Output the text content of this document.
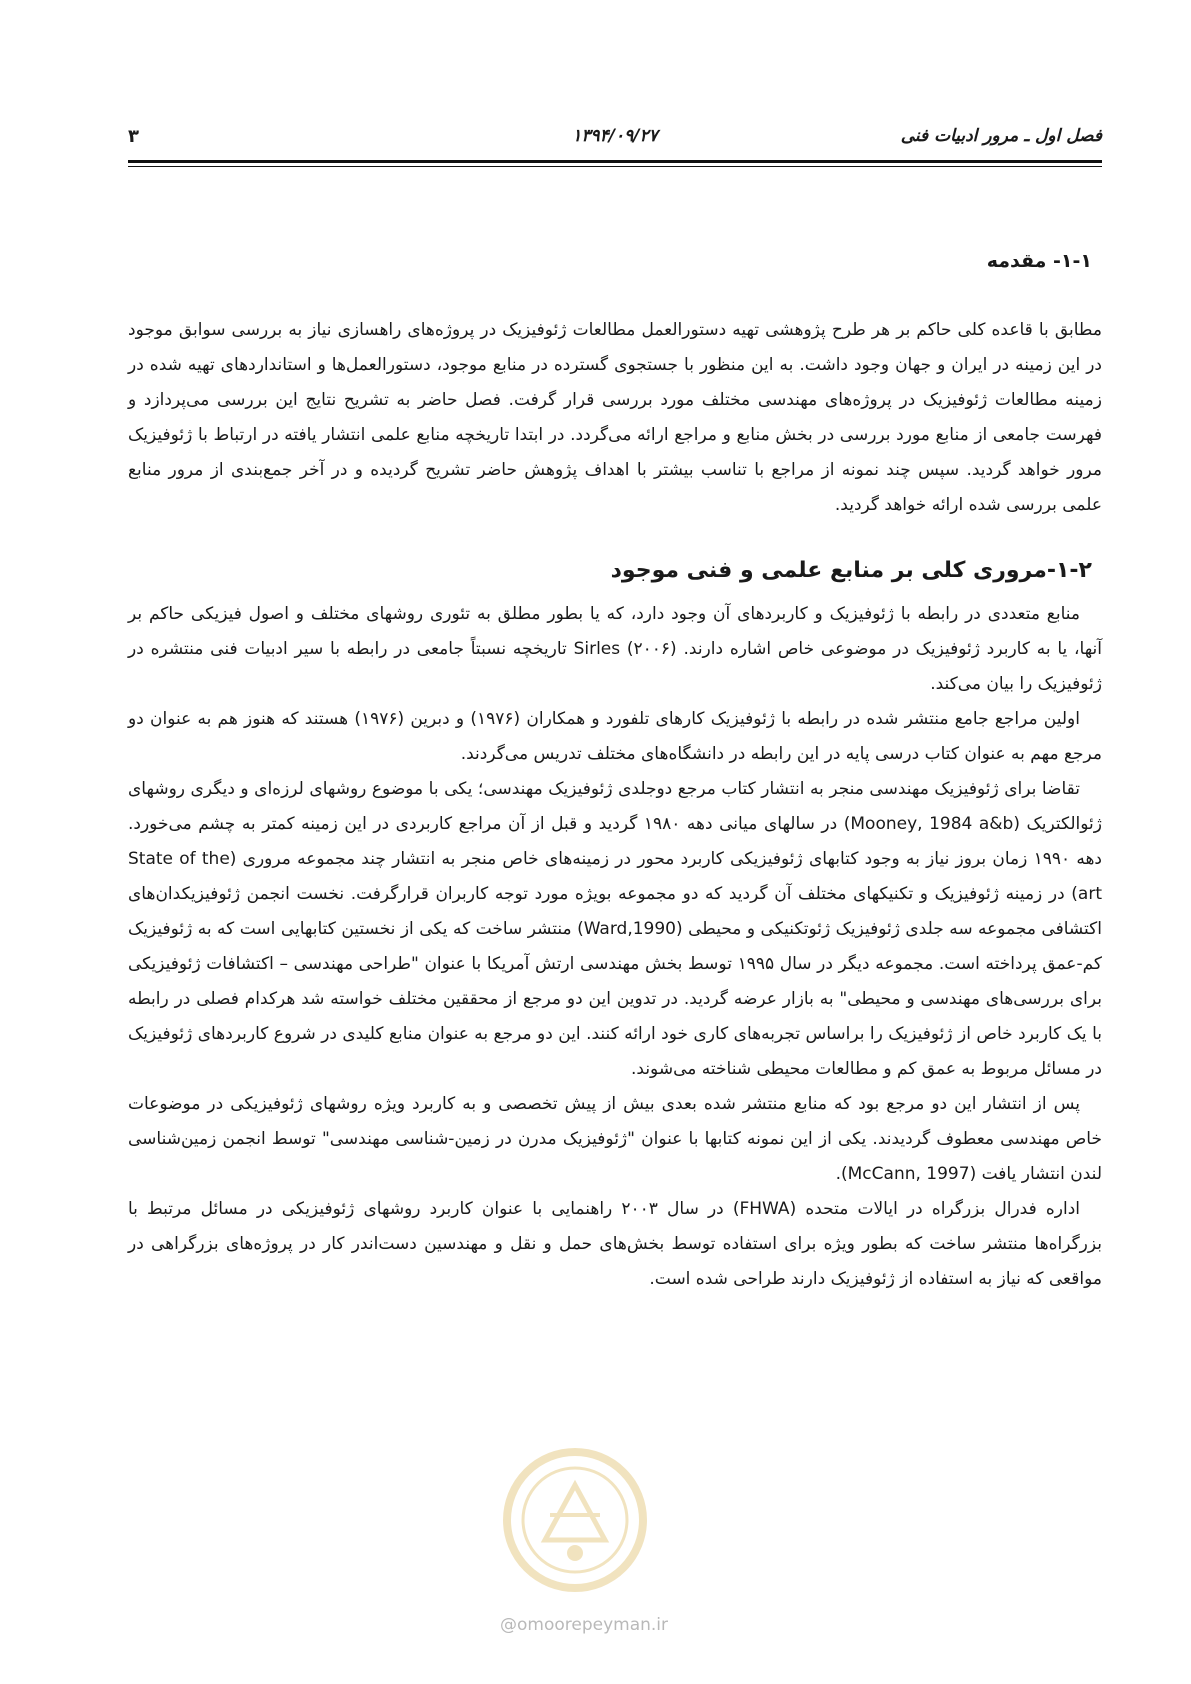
فصل اول ـ مرور ادبیات فنی
۱۳۹۴/۰۹/۲۷
۳
۱-۱- مقدمه

مطابق با قاعده کلی حاکم بر هر طرح پژوهشی تهیه دستورالعمل مطالعات ژئوفیزیک در پروژه‌های راهسازی نیاز به بررسی سوابق موجود در این زمینه در ایران و جهان وجود داشت. به این منظور با جستجوی گسترده در منابع موجود، دستورالعمل‌ها و استانداردهای تهیه شده در زمینه مطالعات ژئوفیزیک در پروژه‌های مهندسی مختلف مورد بررسی قرار گرفت. فصل حاضر به تشریح نتایج این بررسی می‌پردازد و فهرست جامعی از منابع مورد بررسی در بخش منابع و مراجع ارائه می‌گردد. در ابتدا تاریخچه منابع علمی انتشار یافته در ارتباط با ژئوفیزیک مرور خواهد گردید. سپس چند نمونه از مراجع با تناسب بیشتر با اهداف پژوهش حاضر تشریح گردیده و در آخر جمع‌بندی از مرور منابع علمی بررسی شده ارائه خواهد گردید.

۱-۲-مروری کلی بر منابع علمی و فنی موجود

منابع متعددی در رابطه با ژئوفیزیک و کاربردهای آن وجود دارد، که یا بطور مطلق به تئوری روشهای مختلف و اصول فیزیکی حاکم بر آنها، یا به کاربرد ژئوفیزیک در موضوعی خاص اشاره دارند. Sirles (۲۰۰۶) تاریخچه نسبتاً جامعی در رابطه با سیر ادبیات فنی منتشره در ژئوفیزیک را بیان می‌کند.

اولین مراجع جامع منتشر شده در رابطه با ژئوفیزیک کارهای تلفورد و همکاران (۱۹۷۶) و دبرین (۱۹۷۶) هستند که هنوز هم به عنوان دو مرجع مهم به عنوان کتاب درسی پایه در این رابطه در دانشگاه‌های مختلف تدریس می‌گردند.

تقاضا برای ژئوفیزیک مهندسی منجر به انتشار کتاب مرجع دوجلدی ژئوفیزیک مهندسی؛ یکی با موضوع روشهای لرزه‌ای و دیگری روشهای ژئوالکتریک (Mooney, 1984 a&b) در سالهای میانی دهه ۱۹۸۰ گردید و قبل از آن مراجع کاربردی در این زمینه کمتر به چشم می‌خورد. دهه ۱۹۹۰ زمان بروز نیاز به وجود کتابهای ژئوفیزیکی کاربرد محور در زمینه‌های خاص منجر به انتشار چند مجموعه مروری (State of the art) در زمینه ژئوفیزیک و تکنیکهای مختلف آن گردید که دو مجموعه بویژه مورد توجه کاربران قرارگرفت. نخست انجمن ژئوفیزیکدان‌های اکتشافی مجموعه سه جلدی ژئوفیزیک ژئوتکنیکی و محیطی (Ward,1990) منتشر ساخت که یکی از نخستین کتابهایی است که به ژئوفیزیک کم-عمق پرداخته است. مجموعه دیگر در سال ۱۹۹۵ توسط بخش مهندسی ارتش آمریکا با عنوان "طراحی مهندسی – اکتشافات ژئوفیزیکی برای بررسی‌های مهندسی و محیطی" به بازار عرضه گردید. در تدوین این دو مرجع از محققین مختلف خواسته شد هرکدام فصلی در رابطه با یک کاربرد خاص از ژئوفیزیک را براساس تجربه‌های کاری خود ارائه کنند. این دو مرجع به عنوان منابع کلیدی در شروع کاربردهای ژئوفیزیک در مسائل مربوط به عمق کم و مطالعات محیطی شناخته می‌شوند.

پس از انتشار این دو مرجع بود که منابع منتشر شده بعدی بیش از پیش تخصصی و به کاربرد ویژه روشهای ژئوفیزیکی در موضوعات خاص مهندسی معطوف گردیدند. یکی از این نمونه کتابها با عنوان "ژئوفیزیک مدرن در زمین-شناسی مهندسی" توسط انجمن زمین‌شناسی لندن انتشار یافت (McCann, 1997).

اداره فدرال بزرگراه در ایالات متحده (FHWA) در سال ۲۰۰۳ راهنمایی با عنوان کاربرد روشهای ژئوفیزیکی در مسائل مرتبط با بزرگراه‌ها منتشر ساخت که بطور ویژه برای استفاده توسط بخش‌های حمل و نقل و مهندسین دست‌اندر کار در پروژه‌های بزرگراهی در مواقعی که نیاز به استفاده از ژئوفیزیک دارند طراحی شده است.

@omoorepeyman.ir
